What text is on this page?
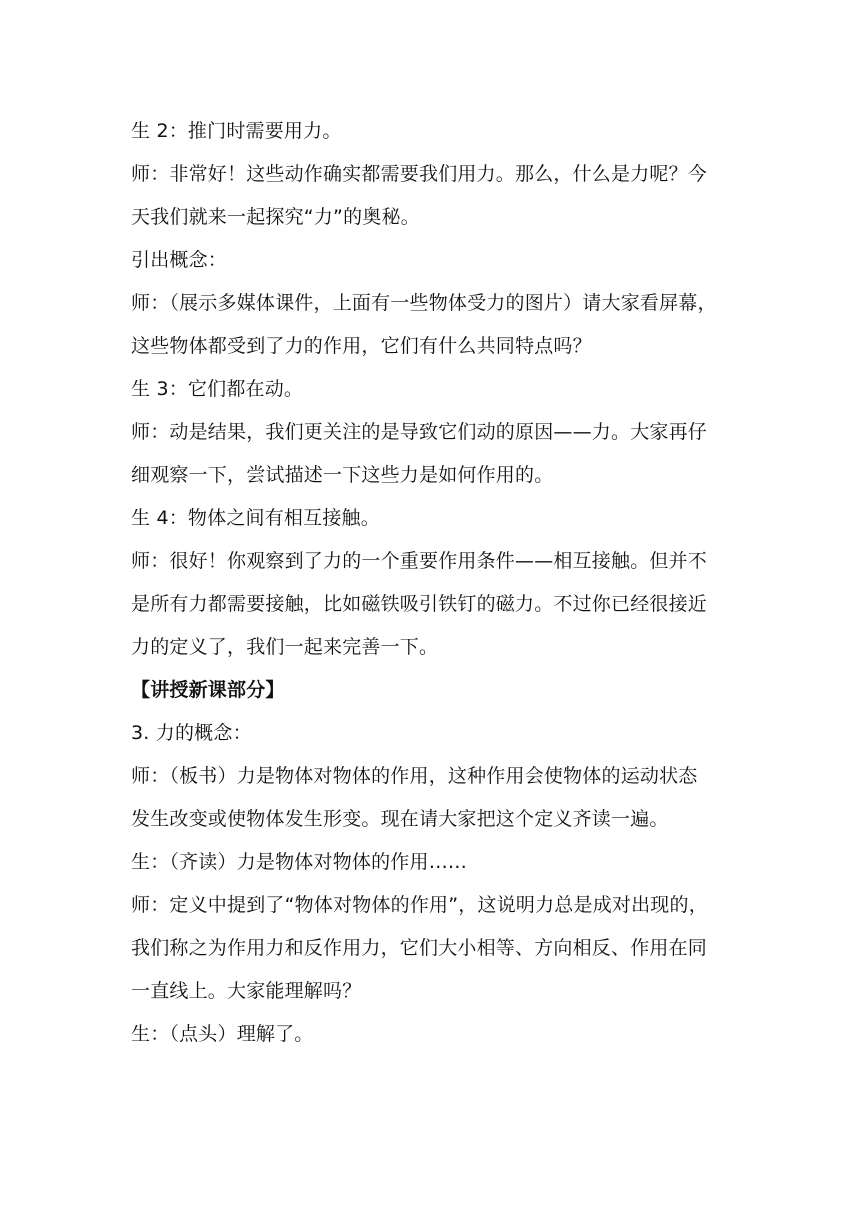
生 2：推门时需要用力。
师：非常好！这些动作确实都需要我们用力。那么，什么是力呢？今
天我们就来一起探究“力”的奥秘。
引出概念：
师：（展示多媒体课件，上面有一些物体受力的图片）请大家看屏幕，
这些物体都受到了力的作用，它们有什么共同特点吗？
生 3：它们都在动。
师：动是结果，我们更关注的是导致它们动的原因——力。大家再仔
细观察一下，尝试描述一下这些力是如何作用的。
生 4：物体之间有相互接触。
师：很好！你观察到了力的一个重要作用条件——相互接触。但并不
是所有力都需要接触，比如磁铁吸引铁钉的磁力。不过你已经很接近
力的定义了，我们一起来完善一下。
【讲授新课部分】
3. 力的概念：
师：（板书）力是物体对物体的作用，这种作用会使物体的运动状态
发生改变或使物体发生形变。现在请大家把这个定义齐读一遍。
生：（齐读）力是物体对物体的作用……
师：定义中提到了“物体对物体的作用”，这说明力总是成对出现的，
我们称之为作用力和反作用力，它们大小相等、方向相反、作用在同
一直线上。大家能理解吗？
生：（点头）理解了。
